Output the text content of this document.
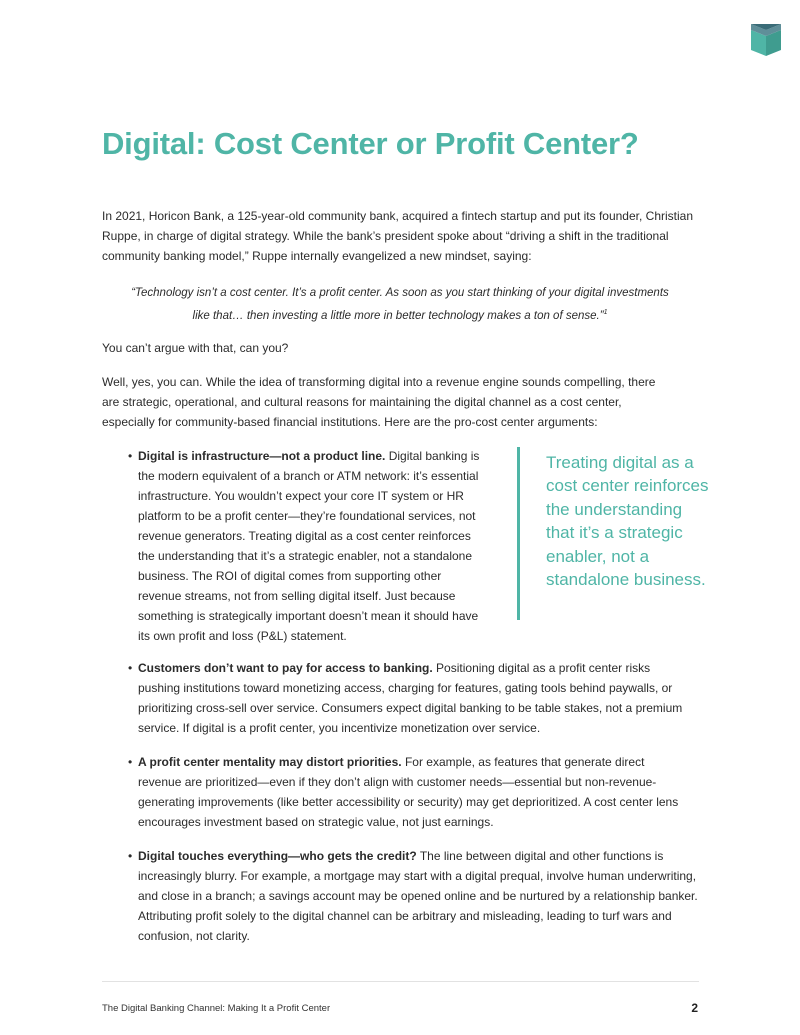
Digital: Cost Center or Profit Center?

In 2021, Horicon Bank, a 125-year-old community bank, acquired a fintech startup and put its founder, Christian Ruppe, in charge of digital strategy. While the bank’s president spoke about “driving a shift in the traditional community banking model,” Ruppe internally evangelized a new mindset, saying:

“Technology isn’t a cost center. It’s a profit center. As soon as you start thinking of your digital investments like that… then investing a little more in better technology makes a ton of sense.”$^1$

You can’t argue with that, can you?

Well, yes, you can. While the idea of transforming digital into a revenue engine sounds compelling, there are strategic, operational, and cultural reasons for maintaining the digital channel as a cost center, especially for community-based financial institutions. Here are the pro-cost center arguments:

• Digital is infrastructure—not a product line. Digital banking is the modern equivalent of a branch or ATM network: it’s essential infrastructure. You wouldn’t expect your core IT system or HR platform to be a profit center—they’re foundational services, not revenue generators. Treating digital as a cost center reinforces the understanding that it’s a strategic enabler, not a standalone business. The ROI of digital comes from supporting other revenue streams, not from selling digital itself. Just because something is strategically important doesn’t mean it should have its own profit and loss (P&L) statement.
• Customers don’t want to pay for access to banking. Positioning digital as a profit center risks pushing institutions toward monetizing access, charging for features, gating tools behind paywalls, or prioritizing cross-sell over service. Consumers expect digital banking to be table stakes, not a premium service. If digital is a profit center, you incentivize monetization over service.
• A profit center mentality may distort priorities. For example, as features that generate direct revenue are prioritized—even if they don’t align with customer needs—essential but non-revenue-generating improvements (like better accessibility or security) may get deprioritized. A cost center lens encourages investment based on strategic value, not just earnings.
• Digital touches everything—who gets the credit? The line between digital and other functions is increasingly blurry. For example, a mortgage may start with a digital prequal, involve human underwriting, and close in a branch; a savings account may be opened online and be nurtured by a relationship banker. Attributing profit solely to the digital channel can be arbitrary and misleading, leading to turf wars and confusion, not clarity.

Treating digital as a cost center reinforces the understanding that it’s a strategic enabler, not a standalone business.

The Digital Banking Channel: Making It a Profit Center	2
